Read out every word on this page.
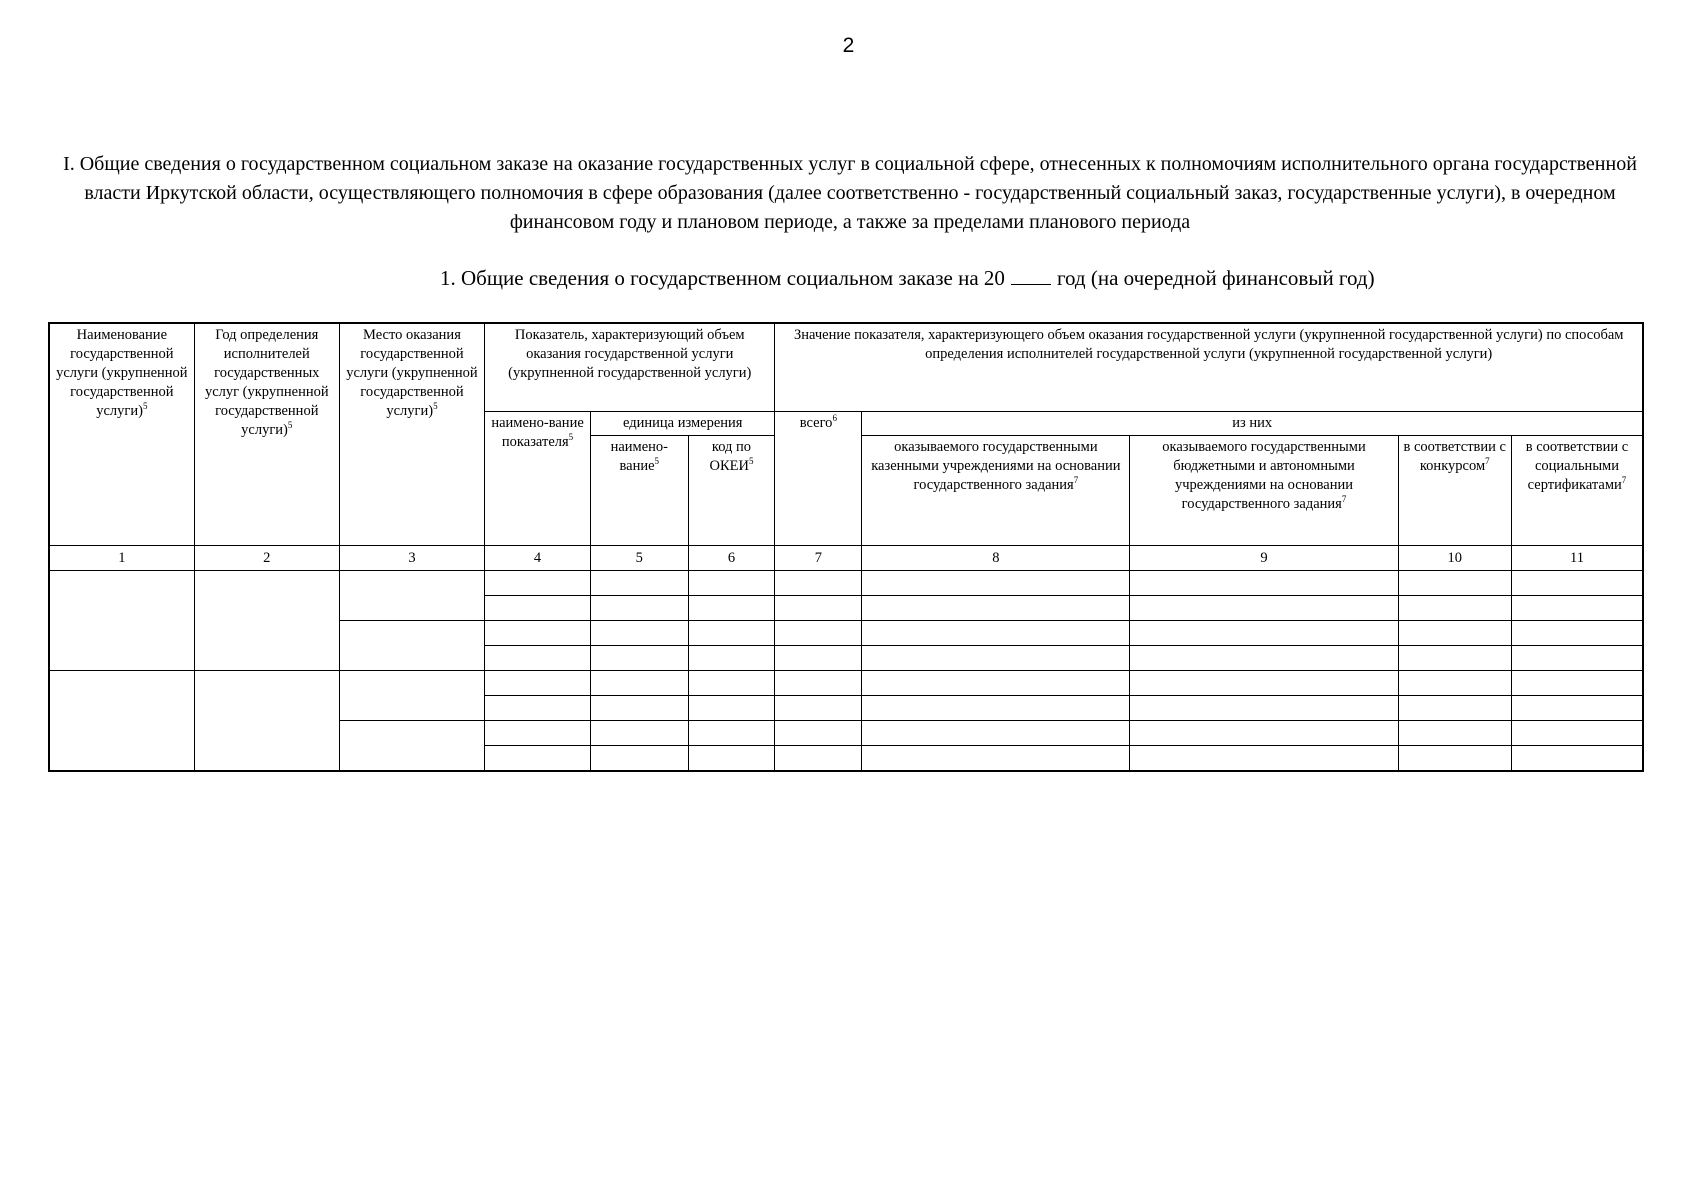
2
I. Общие сведения о государственном социальном заказе на оказание государственных услуг в социальной сфере, отнесенных к полномочиям исполнительного органа государственной власти Иркутской области, осуществляющего полномочия в сфере образования (далее соответственно - государственный социальный заказ, государственные услуги), в очередном финансовом году и плановом периоде, а также за пределами планового периода
1. Общие сведения о государственном социальном заказе на 20 год (на очередной финансовый год)
Наименование государственной услуги (укрупненной государственной услуги)$^5$	Год определения исполнителей государственных услуг (укрупненной государственной услуги)$^5$	Место оказания государственной услуги (укрупненной государственной услуги)$^5$	Показатель, характеризующий объем оказания государственной услуги (укрупненной государственной услуги)			Значение показателя, характеризующего объем оказания государственной услуги (укрупненной государственной услуги) по способам определения исполнителей государственной услуги (укрупненной государственной услуги)				
			наимено-вание показателя$^5$	единица измерения		всего$^6$	из них			
				наимено-вание$^5$	код по ОКЕИ$^5$		оказываемого государственными казенными учреждениями на основании государственного задания$^7$	оказываемого государственными бюджетными и автономными учреждениями на основании государственного задания$^7$	в соответствии с конкурсом$^7$	в соответствии с социальными сертификатами$^7$

1	2	3	4	5	6	7	8	9	10	11
